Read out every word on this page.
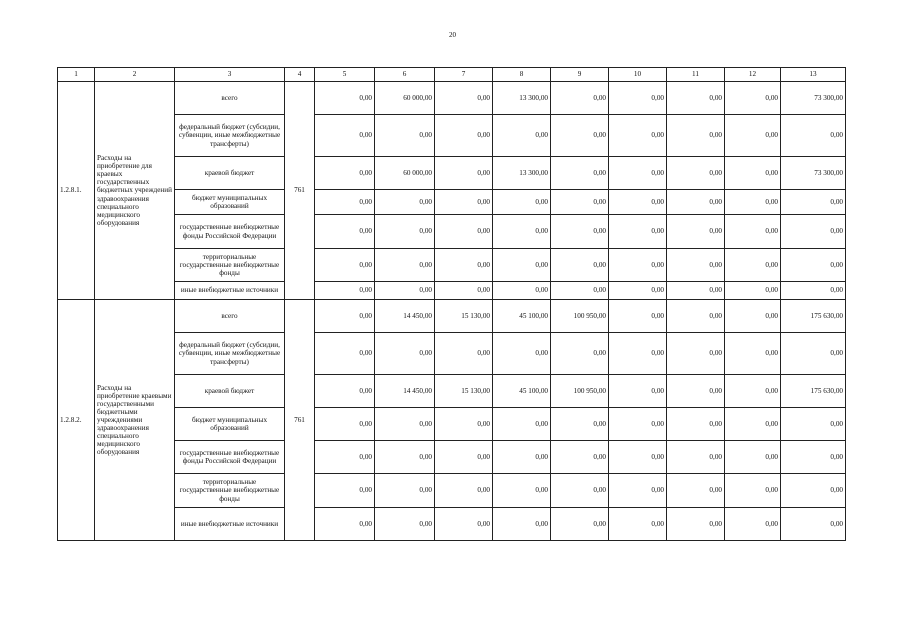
20
1	2	3	4	5	6	7	8	9	10	11	12	13
1.2.8.1.	Расходы на приобретение для краевых государственных бюджетных учреждений здравоохранения специального медицинского оборудования	всего	761	0,00	60 000,00	0,00	13 300,00	0,00	0,00	0,00	0,00	73 300,00
		федеральный бюджет (субсидии, субвенции, иные межбюджетные трансферты)		0,00	0,00	0,00	0,00	0,00	0,00	0,00	0,00	0,00
		краевой бюджет		0,00	60 000,00	0,00	13 300,00	0,00	0,00	0,00	0,00	73 300,00
		бюджет муниципальных образований		0,00	0,00	0,00	0,00	0,00	0,00	0,00	0,00	0,00
		государственные внебюджетные фонды Российской Федерации		0,00	0,00	0,00	0,00	0,00	0,00	0,00	0,00	0,00
		территориальные государственные внебюджетные фонды		0,00	0,00	0,00	0,00	0,00	0,00	0,00	0,00	0,00
		иные внебюджетные источники		0,00	0,00	0,00	0,00	0,00	0,00	0,00	0,00	0,00
1.2.8.2.	Расходы на приобретение краевыми государственными бюджетными учреждениями здравоохранения специального медицинского оборудования	всего	761	0,00	14 450,00	15 130,00	45 100,00	100 950,00	0,00	0,00	0,00	175 630,00
		федеральный бюджет (субсидии, субвенции, иные межбюджетные трансферты)		0,00	0,00	0,00	0,00	0,00	0,00	0,00	0,00	0,00
		краевой бюджет		0,00	14 450,00	15 130,00	45 100,00	100 950,00	0,00	0,00	0,00	175 630,00
		бюджет муниципальных образований		0,00	0,00	0,00	0,00	0,00	0,00	0,00	0,00	0,00
		государственные внебюджетные фонды Российской Федерации		0,00	0,00	0,00	0,00	0,00	0,00	0,00	0,00	0,00
		территориальные государственные внебюджетные фонды		0,00	0,00	0,00	0,00	0,00	0,00	0,00	0,00	0,00
		иные внебюджетные источники		0,00	0,00	0,00	0,00	0,00	0,00	0,00	0,00	0,00
